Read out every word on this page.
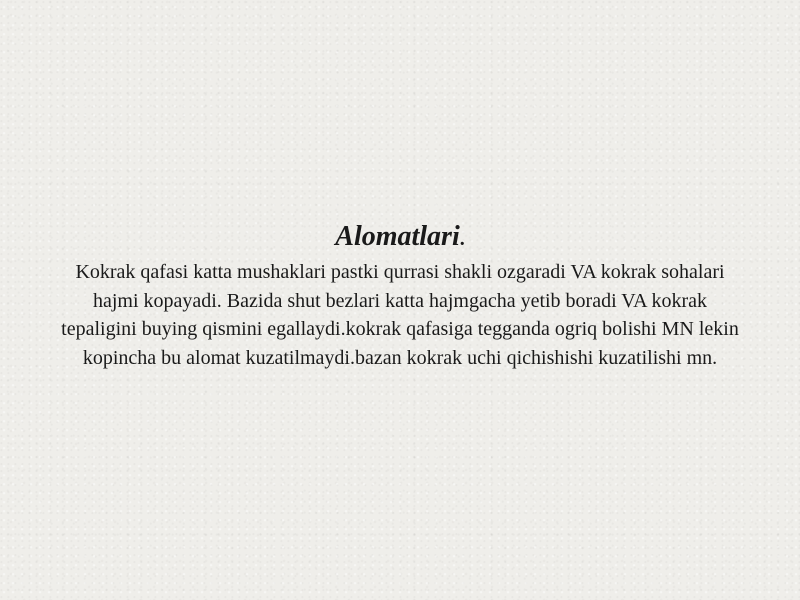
Alomatlari.

Kokrak qafasi katta mushaklari pastki qurrasi shakli ozgaradi VA kokrak sohalari hajmi kopayadi. Bazida shut bezlari katta hajmgacha yetib boradi VA kokrak tepaligini buying qismini egallaydi.kokrak qafasiga tegganda ogriq bolishi MN lekin kopincha bu alomat kuzatilmaydi.bazan kokrak uchi qichishishi kuzatilishi mn.
